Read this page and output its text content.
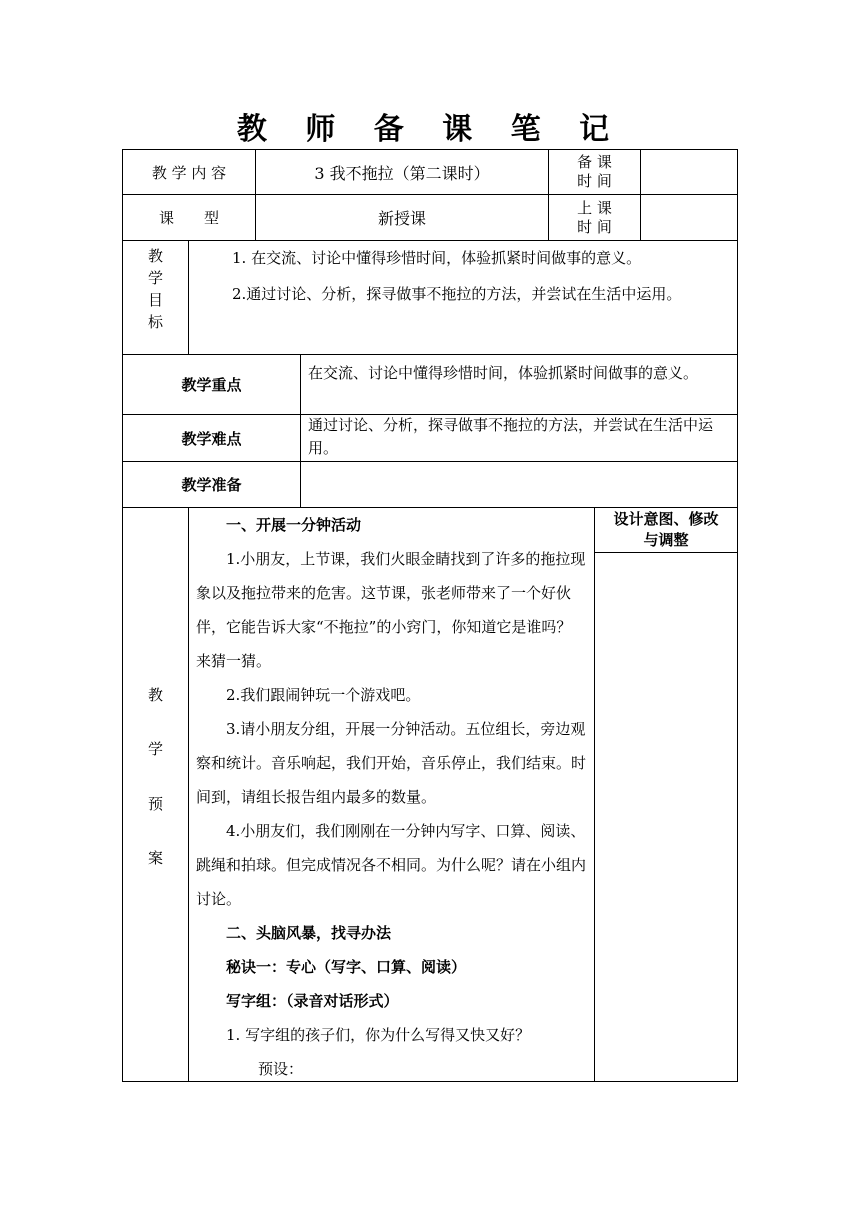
教 师 备 课 笔 记
教 学 内 容	3 我不拖拉（第二课时）
备 课
时 间
课　　型	新授课
上 课
时 间
教
学
目
标
1. 在交流、讨论中懂得珍惜时间，体验抓紧时间做事的意义。
2.通过讨论、分析，探寻做事不拖拉的方法，并尝试在生活中运用。
教学重点
在交流、讨论中懂得珍惜时间，体验抓紧时间做事的意义。
教学难点
通过讨论、分析，探寻做事不拖拉的方法，并尝试在生活中运用。
教学准备
教
学
预
案
设计意图、修改
与调整
一、开展一分钟活动
1.小朋友，上节课，我们火眼金睛找到了许多的拖拉现象以及拖拉带来的危害。这节课，张老师带来了一个好伙伴，它能告诉大家“不拖拉”的小窍门，你知道它是谁吗？来猜一猜。
2.我们跟闹钟玩一个游戏吧。
3.请小朋友分组，开展一分钟活动。五位组长，旁边观察和统计。音乐响起，我们开始，音乐停止，我们结束。时间到，请组长报告组内最多的数量。
4.小朋友们，我们刚刚在一分钟内写字、口算、阅读、跳绳和拍球。但完成情况各不相同。为什么呢？请在小组内讨论。
二、头脑风暴，找寻办法
秘诀一：专心（写字、口算、阅读）
写字组：（录音对话形式）
1. 写字组的孩子们，你为什么写得又快又好？
预设：
